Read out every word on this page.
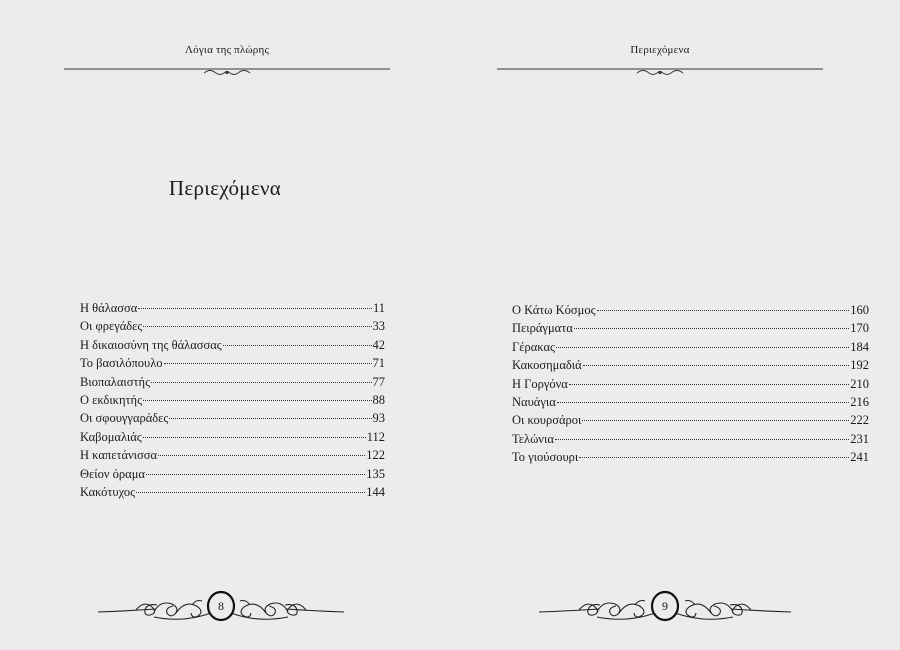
Λόγια της πλώρης
Περιεχόμενα
Η θάλασσα	11
Οι φρεγάδες	33
Η δικαιοσύνη της θάλασσας	42
Το βασιλόπουλο	71
Βιοπαλαιστής	77
Ο εκδικητής	88
Οι σφουγγαράδες	93
Καβομαλιάς	112
Η καπετάνισσα	122
Θείον όραμα	135
Κακότυχος	144
8
Περιεχόμενα
Ο Κάτω Κόσμος	160
Πειράγματα	170
Γέρακας	184
Κακοσημαδιά	192
Η Γοργόνα	210
Ναυάγια	216
Οι κουρσάροι	222
Τελώνια	231
Το γιούσουρι	241
9
